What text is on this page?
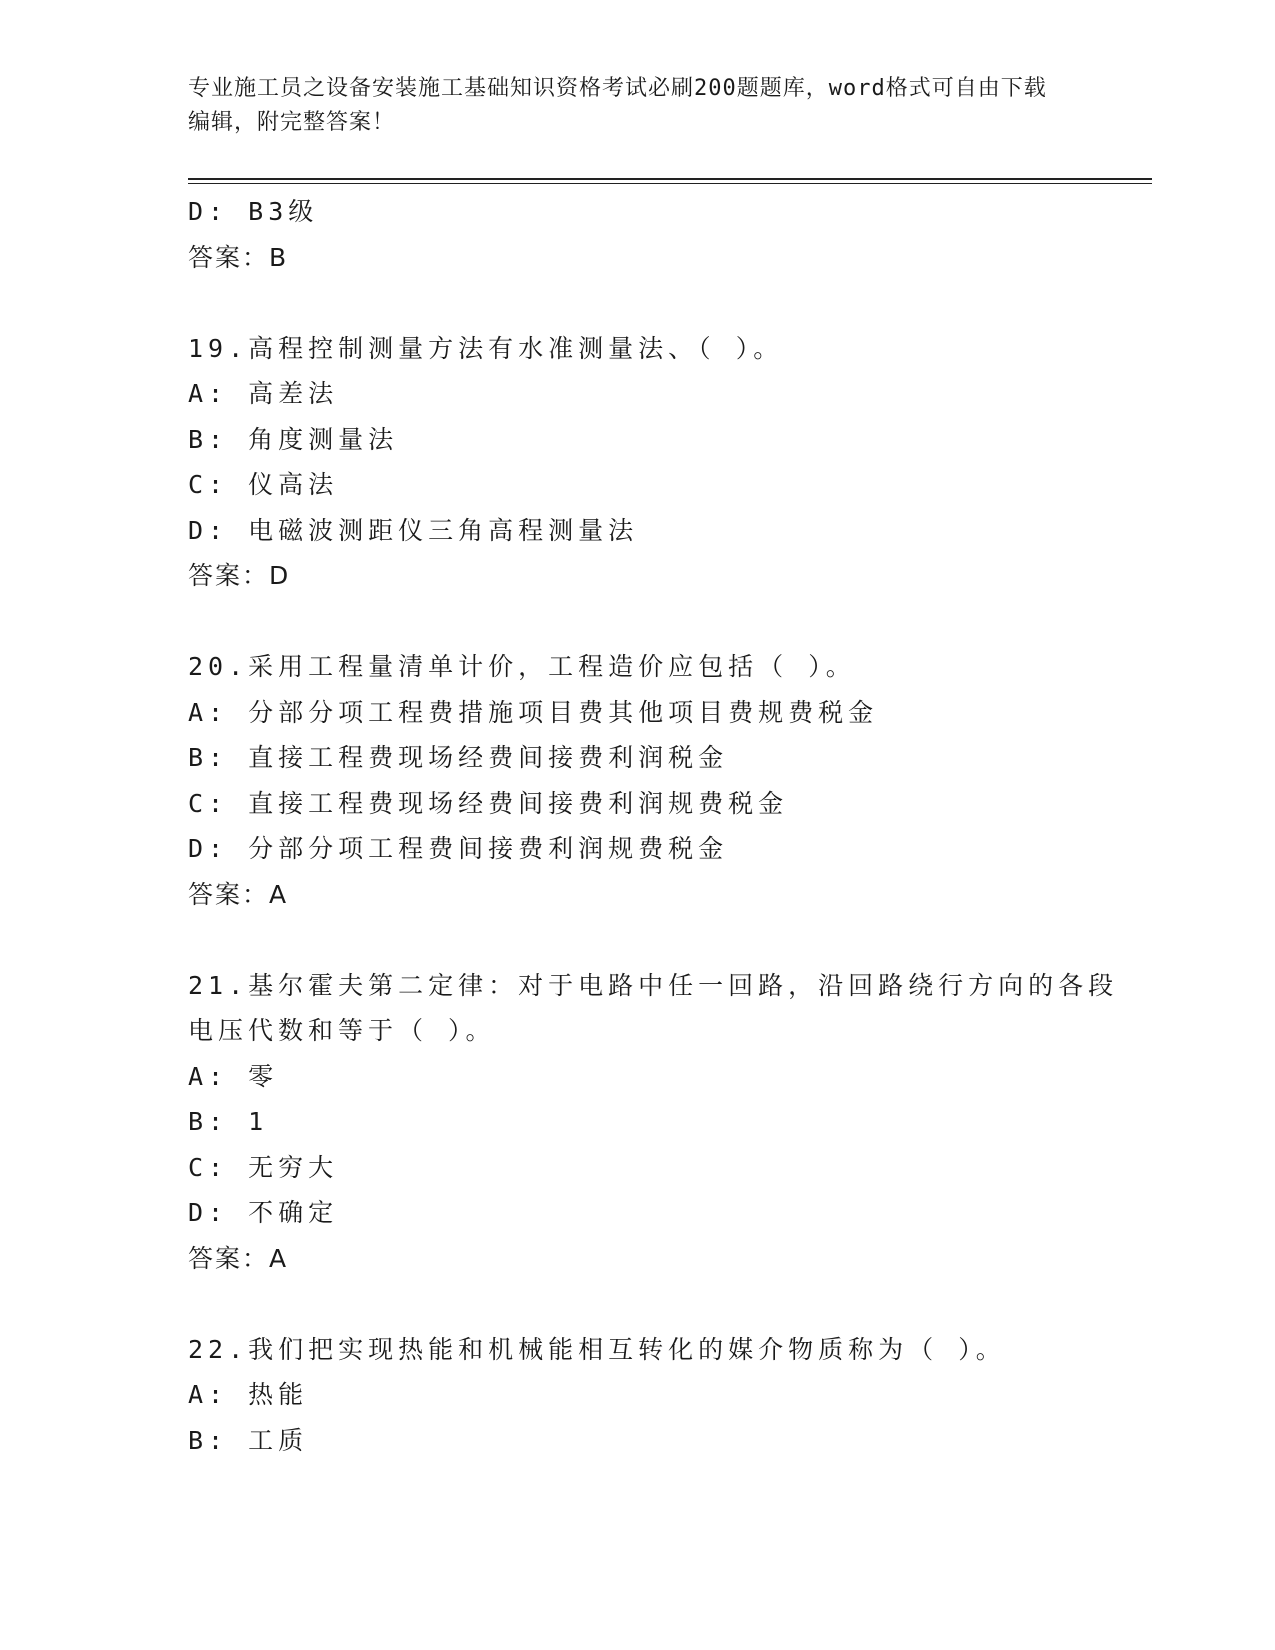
专业施工员之设备安装施工基础知识资格考试必刷200题题库，word格式可自由下载编辑，附完整答案！
D: B3级
答案：B
19.高程控制测量方法有水准测量法、（ ）。
A: 高差法
B: 角度测量法
C: 仪高法
D: 电磁波测距仪三角高程测量法
答案：D
20.采用工程量清单计价，工程造价应包括（ ）。
A: 分部分项工程费措施项目费其他项目费规费税金
B: 直接工程费现场经费间接费利润税金
C: 直接工程费现场经费间接费利润规费税金
D: 分部分项工程费间接费利润规费税金
答案：A
21.基尔霍夫第二定律：对于电路中任一回路，沿回路绕行方向的各段
电压代数和等于（ ）。
A: 零
B: 1
C: 无穷大
D: 不确定
答案：A
22.我们把实现热能和机械能相互转化的媒介物质称为（ ）。
A: 热能
B: 工质
